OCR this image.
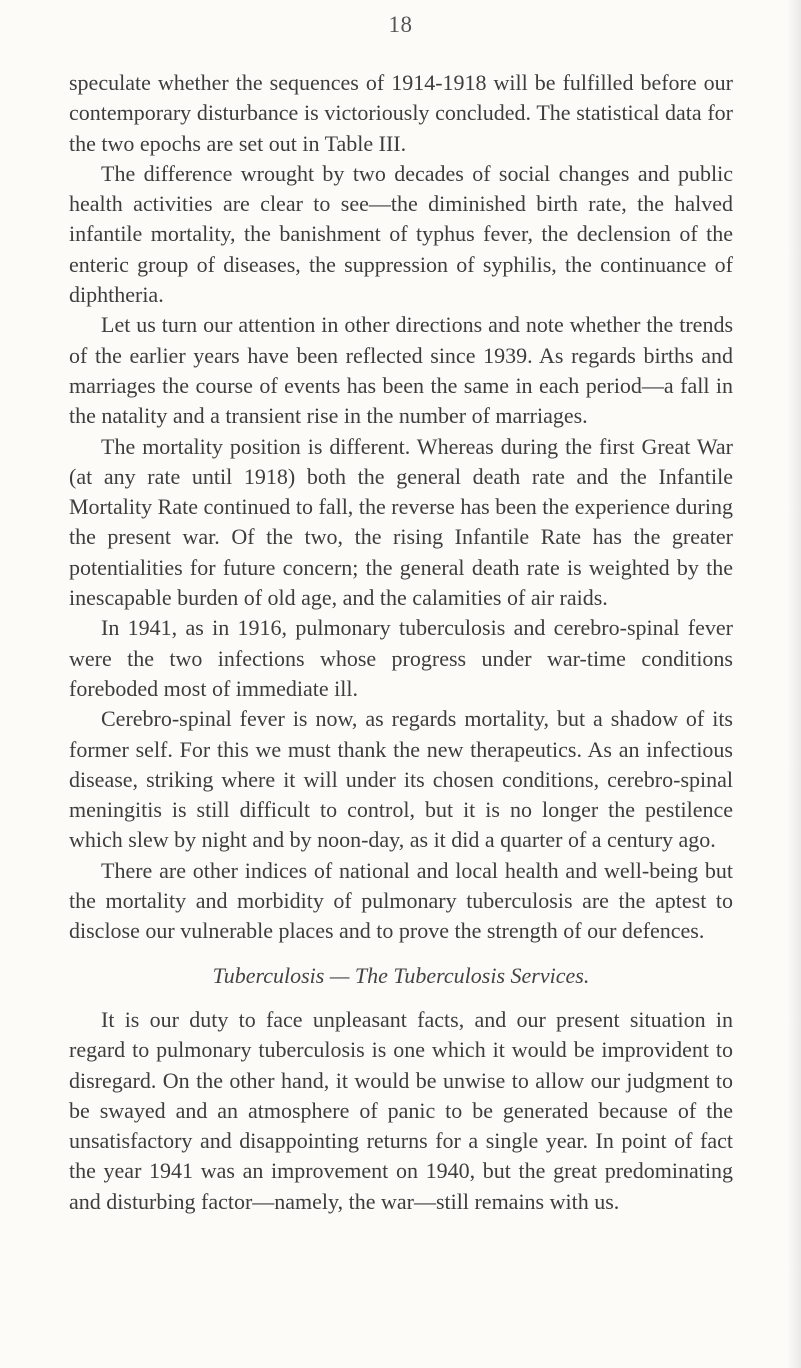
18

speculate whether the sequences of 1914-1918 will be fulfilled before our contemporary disturbance is victoriously concluded. The statistical data for the two epochs are set out in Table III.

The difference wrought by two decades of social changes and public health activities are clear to see—the diminished birth rate, the halved infantile mortality, the banishment of typhus fever, the declension of the enteric group of diseases, the suppression of syphilis, the continuance of diphtheria.

Let us turn our attention in other directions and note whether the trends of the earlier years have been reflected since 1939. As regards births and marriages the course of events has been the same in each period—a fall in the natality and a transient rise in the number of marriages.

The mortality position is different. Whereas during the first Great War (at any rate until 1918) both the general death rate and the Infantile Mortality Rate continued to fall, the reverse has been the experience during the present war. Of the two, the rising Infantile Rate has the greater potentialities for future concern; the general death rate is weighted by the inescapable burden of old age, and the calamities of air raids.

In 1941, as in 1916, pulmonary tuberculosis and cerebro-spinal fever were the two infections whose progress under war-time conditions foreboded most of immediate ill.

Cerebro-spinal fever is now, as regards mortality, but a shadow of its former self. For this we must thank the new therapeutics. As an infectious disease, striking where it will under its chosen conditions, cerebro-spinal meningitis is still difficult to control, but it is no longer the pestilence which slew by night and by noon-day, as it did a quarter of a century ago.

There are other indices of national and local health and well-being but the mortality and morbidity of pulmonary tuberculosis are the aptest to disclose our vulnerable places and to prove the strength of our defences.

Tuberculosis — The Tuberculosis Services.

It is our duty to face unpleasant facts, and our present situation in regard to pulmonary tuberculosis is one which it would be improvident to disregard. On the other hand, it would be unwise to allow our judgment to be swayed and an atmosphere of panic to be generated because of the unsatisfactory and disappointing returns for a single year. In point of fact the year 1941 was an improvement on 1940, but the great predominating and disturbing factor—namely, the war—still remains with us.
